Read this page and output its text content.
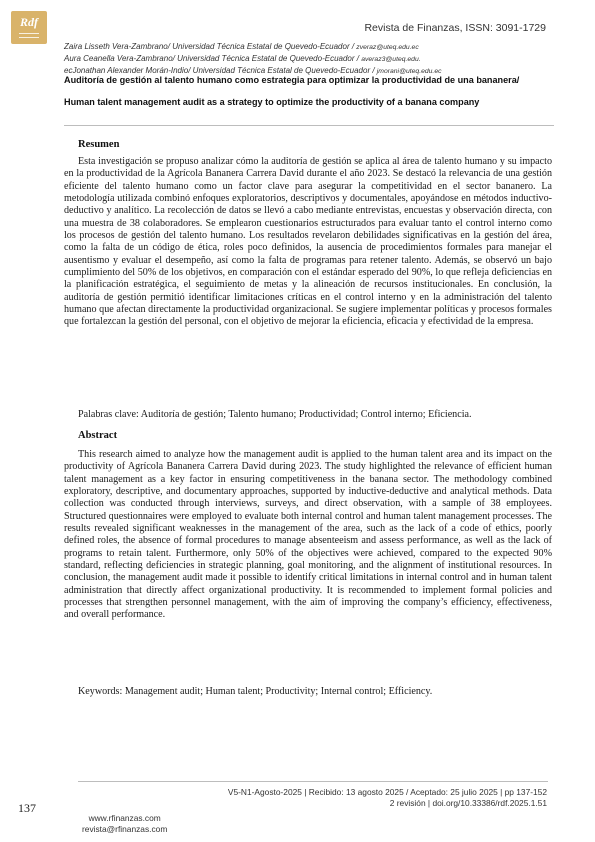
Rdf	Revista de Finanzas, ISSN: 3091-1729
Zaira Lisseth Vera-Zambrano/ Universidad Técnica Estatal de Quevedo-Ecuador / zveraz@uteq.edu.ec
Aura Ceanella Vera-Zambrano/ Universidad Técnica Estatal de Quevedo-Ecuador / averaz3@uteq.edu.
ecJonathan Alexander Morán-Indio/ Universidad Técnica Estatal de Quevedo-Ecuador / jmorani@uteq.edu.ec
Auditoría de gestión al talento humano como estrategia para optimizar la productividad de una bananera/
Human talent management audit as a strategy to optimize the productivity of a banana company
Resumen

Esta investigación se propuso analizar cómo la auditoría de gestión se aplica al área de talento humano y su impacto en la productividad de la Agrícola Bananera Carrera David durante el año 2023. Se destacó la relevancia de una gestión eficiente del talento humano como un factor clave para asegurar la competitividad en el sector bananero. La metodología utilizada combinó enfoques exploratorios, descriptivos y documentales, apoyándose en métodos inductivo-deductivo y analítico. La recolección de datos se llevó a cabo mediante entrevistas, encuestas y observación directa, con una muestra de 38 colaboradores. Se emplearon cuestionarios estructurados para evaluar tanto el control interno como los procesos de gestión del talento humano. Los resultados revelaron debilidades significativas en la gestión del área, como la falta de un código de ética, roles poco definidos, la ausencia de procedimientos formales para manejar el ausentismo y evaluar el desempeño, así como la falta de programas para retener talento. Además, se observó un bajo cumplimiento del 50% de los objetivos, en comparación con el estándar esperado del 90%, lo que refleja deficiencias en la planificación estratégica, el seguimiento de metas y la alineación de recursos institucionales. En conclusión, la auditoría de gestión permitió identificar limitaciones críticas en el control interno y en la administración del talento humano que afectan directamente la productividad organizacional. Se sugiere implementar políticas y procesos formales que fortalezcan la gestión del personal, con el objetivo de mejorar la eficiencia, eficacia y efectividad de la empresa.

Palabras clave: Auditoría de gestión; Talento humano; Productividad; Control interno; Eficiencia.
Abstract

This research aimed to analyze how the management audit is applied to the human talent area and its impact on the productivity of Agrícola Bananera Carrera David during 2023. The study highlighted the relevance of efficient human talent management as a key factor in ensuring competitiveness in the banana sector. The methodology combined exploratory, descriptive, and documentary approaches, supported by inductive-deductive and analytical methods. Data collection was conducted through interviews, surveys, and direct observation, with a sample of 38 employees. Structured questionnaires were employed to evaluate both internal control and human talent management processes. The results revealed significant weaknesses in the management of the area, such as the lack of a code of ethics, poorly defined roles, the absence of formal procedures to manage absenteeism and assess performance, as well as the lack of programs to retain talent. Furthermore, only 50% of the objectives were achieved, compared to the expected 90% standard, reflecting deficiencies in strategic planning, goal monitoring, and the alignment of institutional resources. In conclusion, the management audit made it possible to identify critical limitations in internal control and in human talent administration that directly affect organizational productivity. It is recommended to implement formal policies and processes that strengthen personnel management, with the aim of improving the company’s efficiency, effectiveness, and overall performance.

Keywords: Management audit; Human talent; Productivity; Internal control; Efficiency.
V5-N1-Agosto-2025 | Recibido: 13 agosto 2025 / Aceptado: 25 julio 2025 | pp 137-152
2 revisión | doi.org/10.33386/rdf.2025.1.51
137
www.rfinanzas.com
revista@rfinanzas.com
